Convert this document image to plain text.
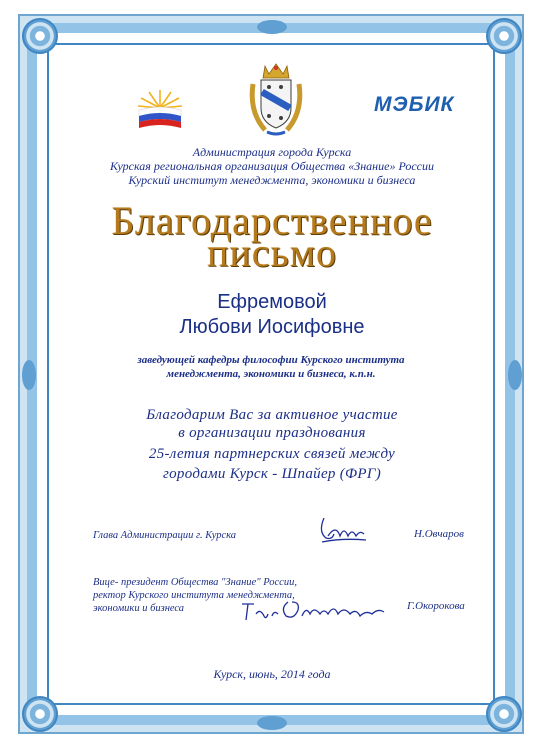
МЭБИК
Администрация города Курска
Курская региональная организация Общества «Знание» России
Курский институт менеджмента, экономики и бизнеса
Благодарственное
письмо
Ефремовой
Любови Иосифовне
заведующей кафедры философии Курского института
менеджмента, экономики и бизнеса, к.п.н.
Благодарим Вас за активное участие
в организации празднования
25-летия партнерских связей между
городами Курск - Шпайер (ФРГ)
Глава Администрации г. Курска	Н.Овчаров
Вице- президент Общества "Знание" России,
ректор Курского института менеджмента,
экономики и бизнеса	Г.Окорокова
Курск, июнь, 2014 года
